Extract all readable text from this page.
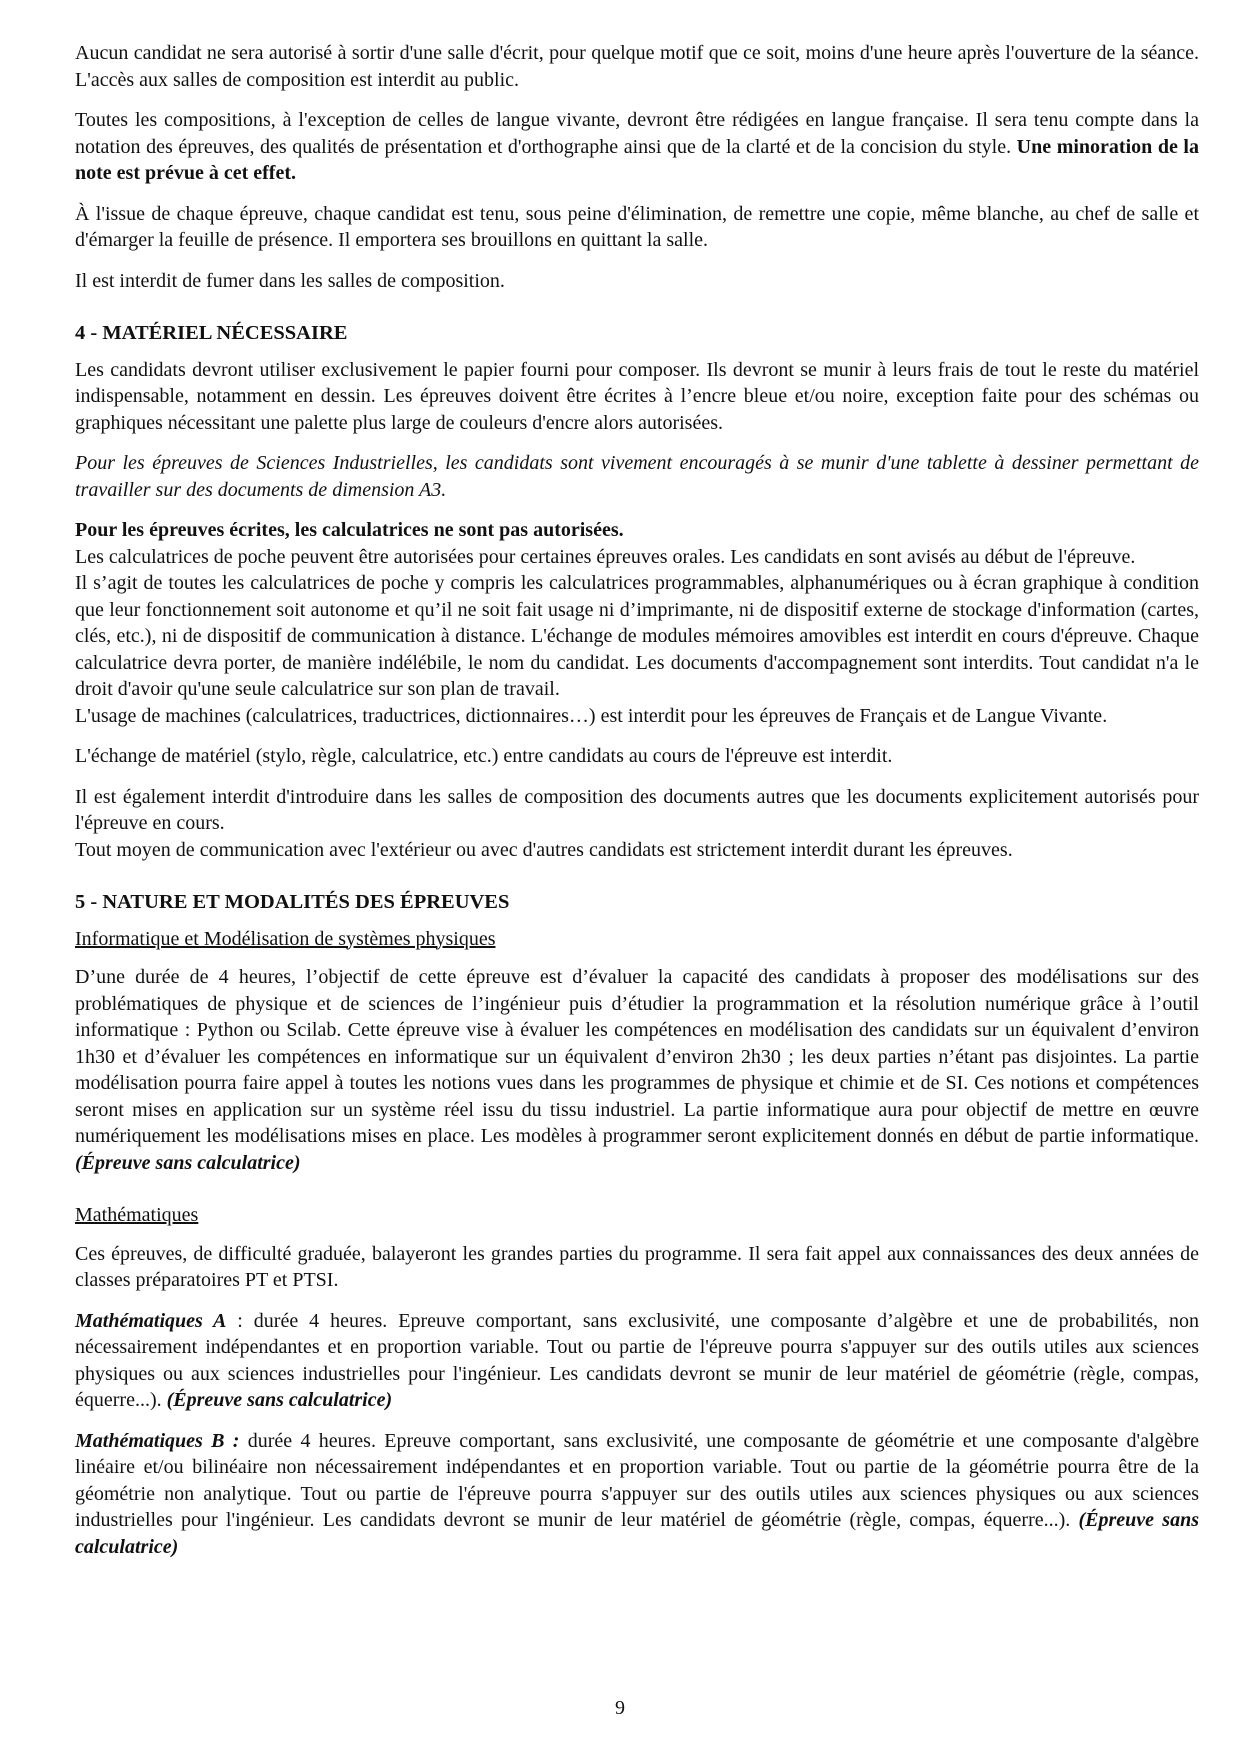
Aucun candidat ne sera autorisé à sortir d'une salle d'écrit, pour quelque motif que ce soit, moins d'une heure après l'ouverture de la séance. L'accès aux salles de composition est interdit au public.

Toutes les compositions, à l'exception de celles de langue vivante, devront être rédigées en langue française. Il sera tenu compte dans la notation des épreuves, des qualités de présentation et d'orthographe ainsi que de la clarté et de la concision du style. Une minoration de la note est prévue à cet effet.

À l'issue de chaque épreuve, chaque candidat est tenu, sous peine d'élimination, de remettre une copie, même blanche, au chef de salle et d'émarger la feuille de présence. Il emportera ses brouillons en quittant la salle.

Il est interdit de fumer dans les salles de composition.

4 - MATÉRIEL NÉCESSAIRE

Les candidats devront utiliser exclusivement le papier fourni pour composer. Ils devront se munir à leurs frais de tout le reste du matériel indispensable, notamment en dessin. Les épreuves doivent être écrites à l’encre bleue et/ou noire, exception faite pour des schémas ou graphiques nécessitant une palette plus large de couleurs d'encre alors autorisées.

Pour les épreuves de Sciences Industrielles, les candidats sont vivement encouragés à se munir d'une tablette à dessiner permettant de travailler sur des documents de dimension A3.

Pour les épreuves écrites, les calculatrices ne sont pas autorisées.

Les calculatrices de poche peuvent être autorisées pour certaines épreuves orales. Les candidats en sont avisés au début de l'épreuve.

Il s’agit de toutes les calculatrices de poche y compris les calculatrices programmables, alphanumériques ou à écran graphique à condition que leur fonctionnement soit autonome et qu’il ne soit fait usage ni d’imprimante, ni de dispositif externe de stockage d'information (cartes, clés, etc.), ni de dispositif de communication à distance. L'échange de modules mémoires amovibles est interdit en cours d'épreuve. Chaque calculatrice devra porter, de manière indélébile, le nom du candidat. Les documents d'accompagnement sont interdits. Tout candidat n'a le droit d'avoir qu'une seule calculatrice sur son plan de travail.

L'usage de machines (calculatrices, traductrices, dictionnaires…) est interdit pour les épreuves de Français et de Langue Vivante.

L'échange de matériel (stylo, règle, calculatrice, etc.) entre candidats au cours de l'épreuve est interdit.

Il est également interdit d'introduire dans les salles de composition des documents autres que les documents explicitement autorisés pour l'épreuve en cours.

Tout moyen de communication avec l'extérieur ou avec d'autres candidats est strictement interdit durant les épreuves.

5 - NATURE ET MODALITÉS DES ÉPREUVES
Informatique et Modélisation de systèmes physiques

D’une durée de 4 heures, l’objectif de cette épreuve est d’évaluer la capacité des candidats à proposer des modélisations sur des problématiques de physique et de sciences de l’ingénieur puis d’étudier la programmation et la résolution numérique grâce à l’outil informatique : Python ou Scilab. Cette épreuve vise à évaluer les compétences en modélisation des candidats sur un équivalent d’environ 1h30 et d’évaluer les compétences en informatique sur un équivalent d’environ 2h30 ; les deux parties n’étant pas disjointes. La partie modélisation pourra faire appel à toutes les notions vues dans les programmes de physique et chimie et de SI. Ces notions et compétences seront mises en application sur un système réel issu du tissu industriel. La partie informatique aura pour objectif de mettre en œuvre numériquement les modélisations mises en place. Les modèles à programmer seront explicitement donnés en début de partie informatique. (Épreuve sans calculatrice)

Mathématiques

Ces épreuves, de difficulté graduée, balayeront les grandes parties du programme. Il sera fait appel aux connaissances des deux années de classes préparatoires PT et PTSI.

Mathématiques A : durée 4 heures. Epreuve comportant, sans exclusivité, une composante d’algèbre et une de probabilités, non nécessairement indépendantes et en proportion variable. Tout ou partie de l'épreuve pourra s'appuyer sur des outils utiles aux sciences physiques ou aux sciences industrielles pour l'ingénieur. Les candidats devront se munir de leur matériel de géométrie (règle, compas, équerre...). (Épreuve sans calculatrice)

Mathématiques B : durée 4 heures. Epreuve comportant, sans exclusivité, une composante de géométrie et une composante d'algèbre linéaire et/ou bilinéaire non nécessairement indépendantes et en proportion variable. Tout ou partie de la géométrie pourra être de la géométrie non analytique. Tout ou partie de l'épreuve pourra s'appuyer sur des outils utiles aux sciences physiques ou aux sciences industrielles pour l'ingénieur. Les candidats devront se munir de leur matériel de géométrie (règle, compas, équerre...). (Épreuve sans calculatrice)

9
